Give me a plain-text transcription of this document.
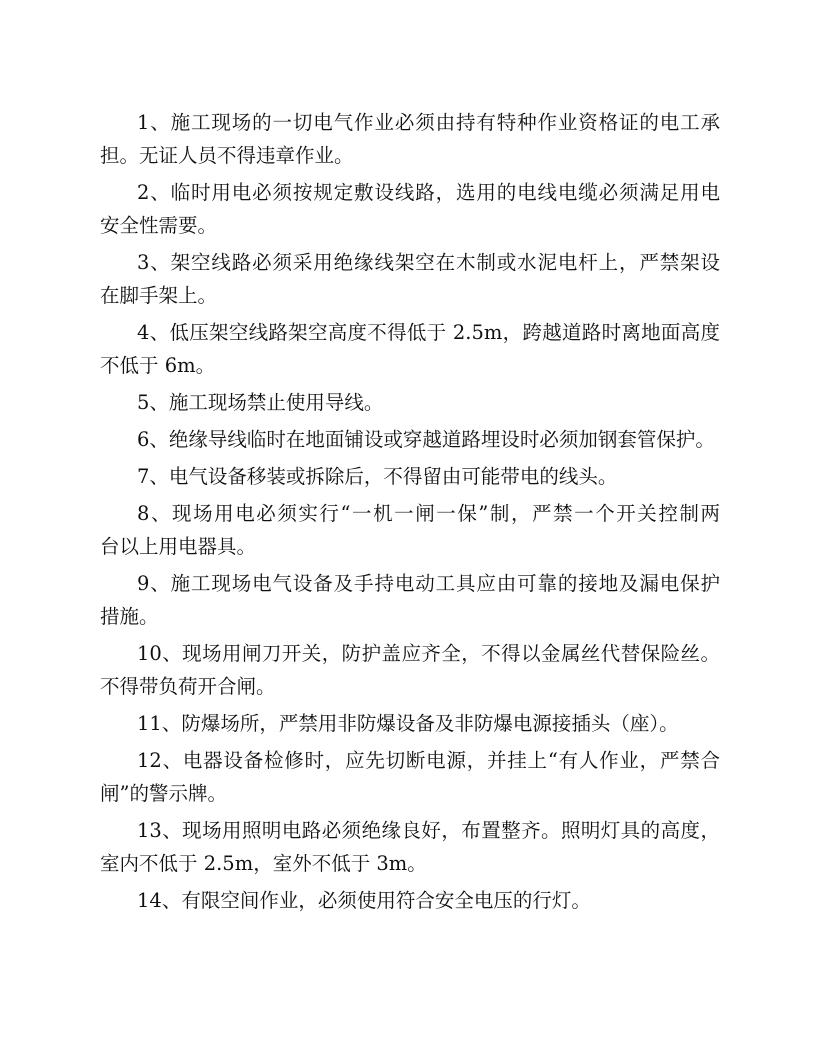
1、施工现场的一切电气作业必须由持有特种作业资格证的电工承
担。无证人员不得违章作业。

2、临时用电必须按规定敷设线路，选用的电线电缆必须满足用电
安全性需要。

3、架空线路必须采用绝缘线架空在木制或水泥电杆上，严禁架设
在脚手架上。

4、低压架空线路架空高度不得低于 2.5m，跨越道路时离地面高度
不低于 6m。

5、施工现场禁止使用导线。

6、绝缘导线临时在地面铺设或穿越道路埋设时必须加钢套管保护。

7、电气设备移装或拆除后，不得留由可能带电的线头。

8、现场用电必须实行“一机一闸一保”制，严禁一个开关控制两
台以上用电器具。

9、施工现场电气设备及手持电动工具应由可靠的接地及漏电保护
措施。

10、现场用闸刀开关，防护盖应齐全，不得以金属丝代替保险丝。
不得带负荷开合闸。

11、防爆场所，严禁用非防爆设备及非防爆电源接插头（座）。

12、电器设备检修时，应先切断电源，并挂上“有人作业，严禁合
闸”的警示牌。

13、现场用照明电路必须绝缘良好，布置整齐。照明灯具的高度，
室内不低于 2.5m，室外不低于 3m。

14、有限空间作业，必须使用符合安全电压的行灯。
